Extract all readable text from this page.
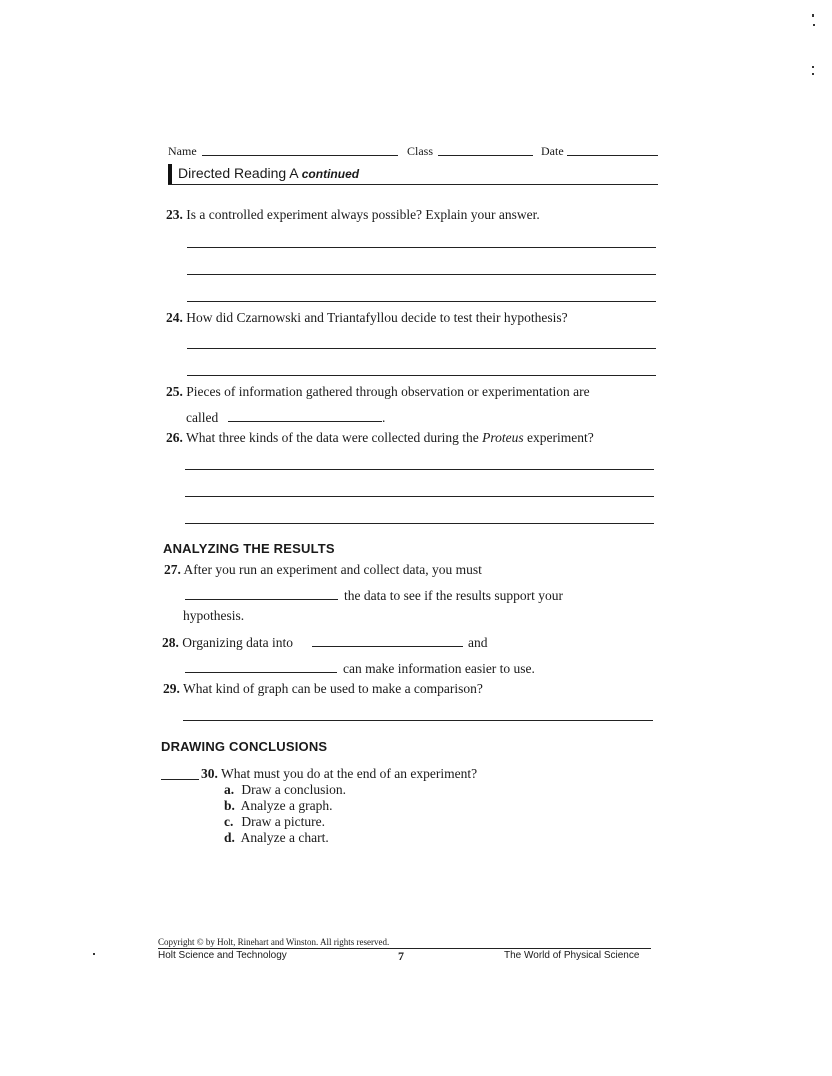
Name	Class	Date
Directed Reading A continued
23. Is a controlled experiment always possible? Explain your answer.
24. How did Czarnowski and Triantafyllou decide to test their hypothesis?
25. Pieces of information gathered through observation or experimentation are
called	.
26. What three kinds of the data were collected during the Proteus experiment?
ANALYZING THE RESULTS
27. After you run an experiment and collect data, you must
the data to see if the results support your
hypothesis.
28. Organizing data into	and
can make information easier to use.
29. What kind of graph can be used to make a comparison?
DRAWING CONCLUSIONS
30. What must you do at the end of an experiment?
a. Draw a conclusion.
b. Analyze a graph.
c. Draw a picture.
d. Analyze a chart.
Copyright © by Holt, Rinehart and Winston. All rights reserved.
Holt Science and Technology	7	The World of Physical Science
